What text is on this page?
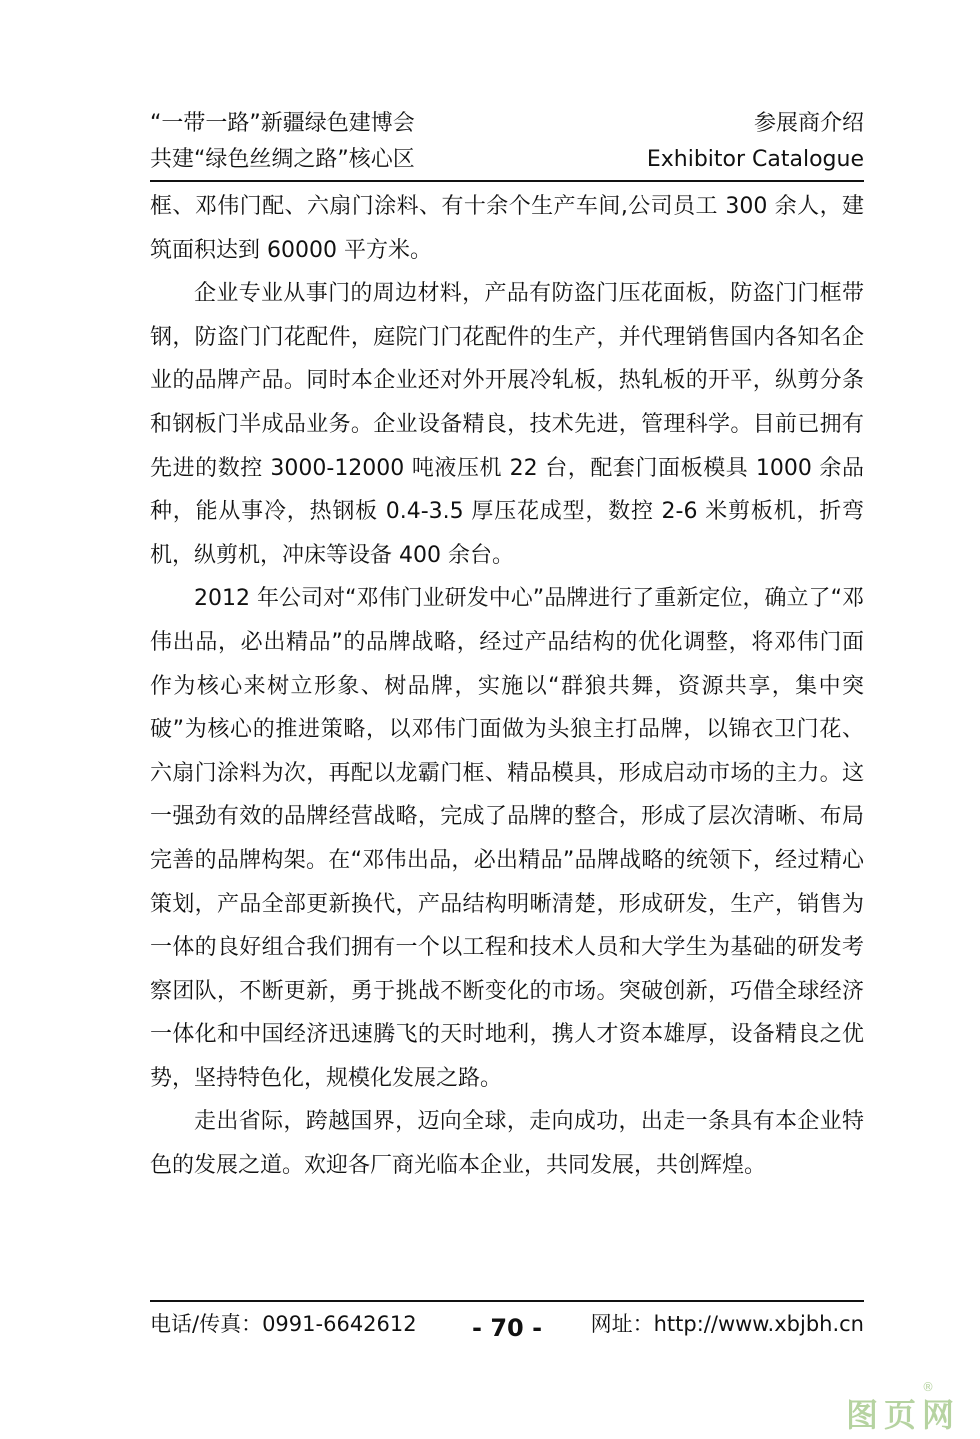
“一带一路”新疆绿色建博会	参展商介绍
共建“绿色丝绸之路”核心区	Exhibitor Catalogue

框、邓伟门配、六扇门涂料、有十余个生产车间,公司员工 300 余人，建筑面积达到 60000 平方米。

企业专业从事门的周边材料，产品有防盗门压花面板，防盗门门框带钢，防盗门门花配件，庭院门门花配件的生产，并代理销售国内各知名企业的品牌产品。同时本企业还对外开展冷轧板，热轧板的开平，纵剪分条和钢板门半成品业务。企业设备精良，技术先进，管理科学。目前已拥有先进的数控 3000-12000 吨液压机 22 台，配套门面板模具 1000 余品种，能从事冷，热钢板 0.4-3.5 厚压花成型，数控 2-6 米剪板机，折弯机，纵剪机，冲床等设备 400 余台。

2012 年公司对“邓伟门业研发中心”品牌进行了重新定位，确立了“邓伟出品，必出精品”的品牌战略，经过产品结构的优化调整，将邓伟门面作为核心来树立形象、树品牌，实施以“群狼共舞，资源共享，集中突破”为核心的推进策略，以邓伟门面做为头狼主打品牌，以锦衣卫门花、六扇门涂料为次，再配以龙霸门框、精品模具，形成启动市场的主力。这一强劲有效的品牌经营战略，完成了品牌的整合，形成了层次清晰、布局完善的品牌构架。在“邓伟出品，必出精品”品牌战略的统领下，经过精心策划，产品全部更新换代，产品结构明晰清楚，形成研发，生产，销售为一体的良好组合我们拥有一个以工程和技术人员和大学生为基础的研发考察团队，不断更新，勇于挑战不断变化的市场。突破创新，巧借全球经济一体化和中国经济迅速腾飞的天时地利，携人才资本雄厚，设备精良之优势，坚持特色化，规模化发展之路。

走出省际，跨越国界，迈向全球，走向成功，出走一条具有本企业特色的发展之道。欢迎各厂商光临本企业，共同发展，共创辉煌。

电话/传真：0991-6642612 - 70 - 网址：http://www.xbjbh.cn
图页网
®
